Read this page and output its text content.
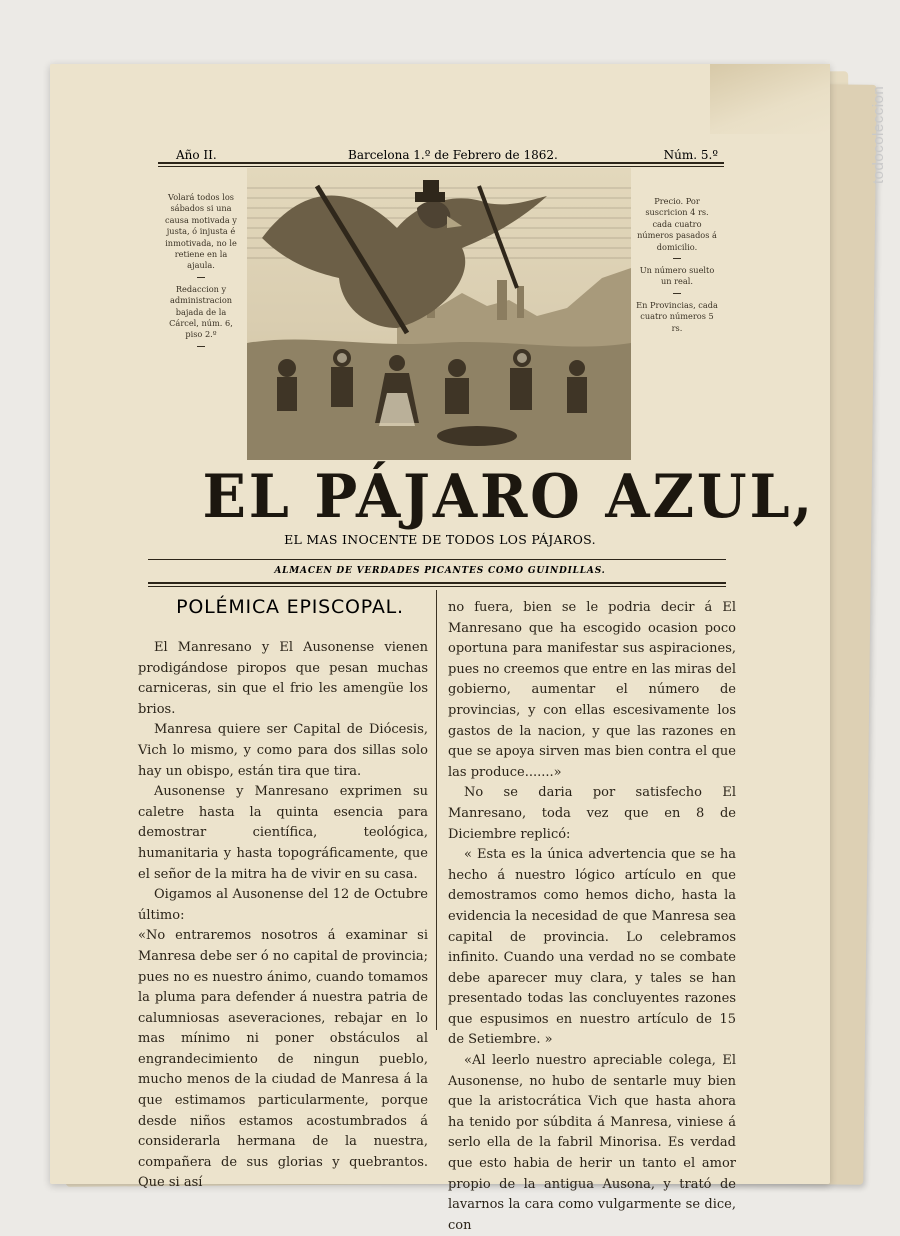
todocoleccion
Año II.	Barcelona 1.º de Febrero de 1862.	Núm. 5.º

Volará todos los sábados si una causa motivada y justa, ó injusta é inmotivada, no le retiene en la ajaula.

Redaccion y administracion bajada de la Cárcel, núm. 6, piso 2.º

Precio. Por suscricion 4 rs. cada cuatro números pasados á domicilio.

Un número suelto un real.

En Provincias, cada cuatro números 5 rs.

EL PÁJARO AZUL,
EL MAS INOCENTE DE TODOS LOS PÁJAROS.
ALMACEN DE VERDADES PICANTES COMO GUINDILLAS.
POLÉMICA EPISCOPAL.

El Manresano y El Ausonense vienen prodigándose piropos que pesan muchas carniceras, sin que el frio les amengüe los brios.

Manresa quiere ser Capital de Diócesis, Vich lo mismo, y como para dos sillas solo hay un obispo, están tira que tira.

Ausonense y Manresano exprimen su caletre hasta la quinta esencia para demostrar científica, teológica, humanitaria y hasta topográficamente, que el señor de la mitra ha de vivir en su casa.

Oigamos al Ausonense del 12 de Octubre último:

«No entraremos nosotros á examinar si Manresa debe ser ó no capital de provincia; pues no es nuestro ánimo, cuando tomamos la pluma para defender á nuestra patria de calumniosas aseveraciones, rebajar en lo mas mínimo ni poner obstáculos al engrandecimiento de ningun pueblo, mucho menos de la ciudad de Manresa á la que estimamos particularmente, porque desde niños estamos acostumbrados á considerarla hermana de la nuestra, compañera de sus glorias y quebrantos. Que si así

no fuera, bien se le podria decir á El Manresano que ha escogido ocasion poco oportuna para manifestar sus aspiraciones, pues no creemos que entre en las miras del gobierno, aumentar el número de provincias, y con ellas escesivamente los gastos de la nacion, y que las razones en que se apoya sirven mas bien contra el que las produce.......»

No se daria por satisfecho El Manresano, toda vez que en 8 de Diciembre replicó:

« Esta es la única advertencia que se ha hecho á nuestro lógico artículo en que demostramos como hemos dicho, hasta la evidencia la necesidad de que Manresa sea capital de provincia. Lo celebramos infinito. Cuando una verdad no se combate debe aparecer muy clara, y tales se han presentado todas las concluyentes razones que espusimos en nuestro artículo de 15 de Setiembre. »

«Al leerlo nuestro apreciable colega, El Ausonense, no hubo de sentarle muy bien que la aristocrática Vich que hasta ahora ha tenido por súbdita á Manresa, viniese á serlo ella de la fabril Minorisa. Es verdad que esto habia de herir un tanto el amor propio de la antigua Ausona, y trató de lavarnos la cara como vulgarmente se dice, con
